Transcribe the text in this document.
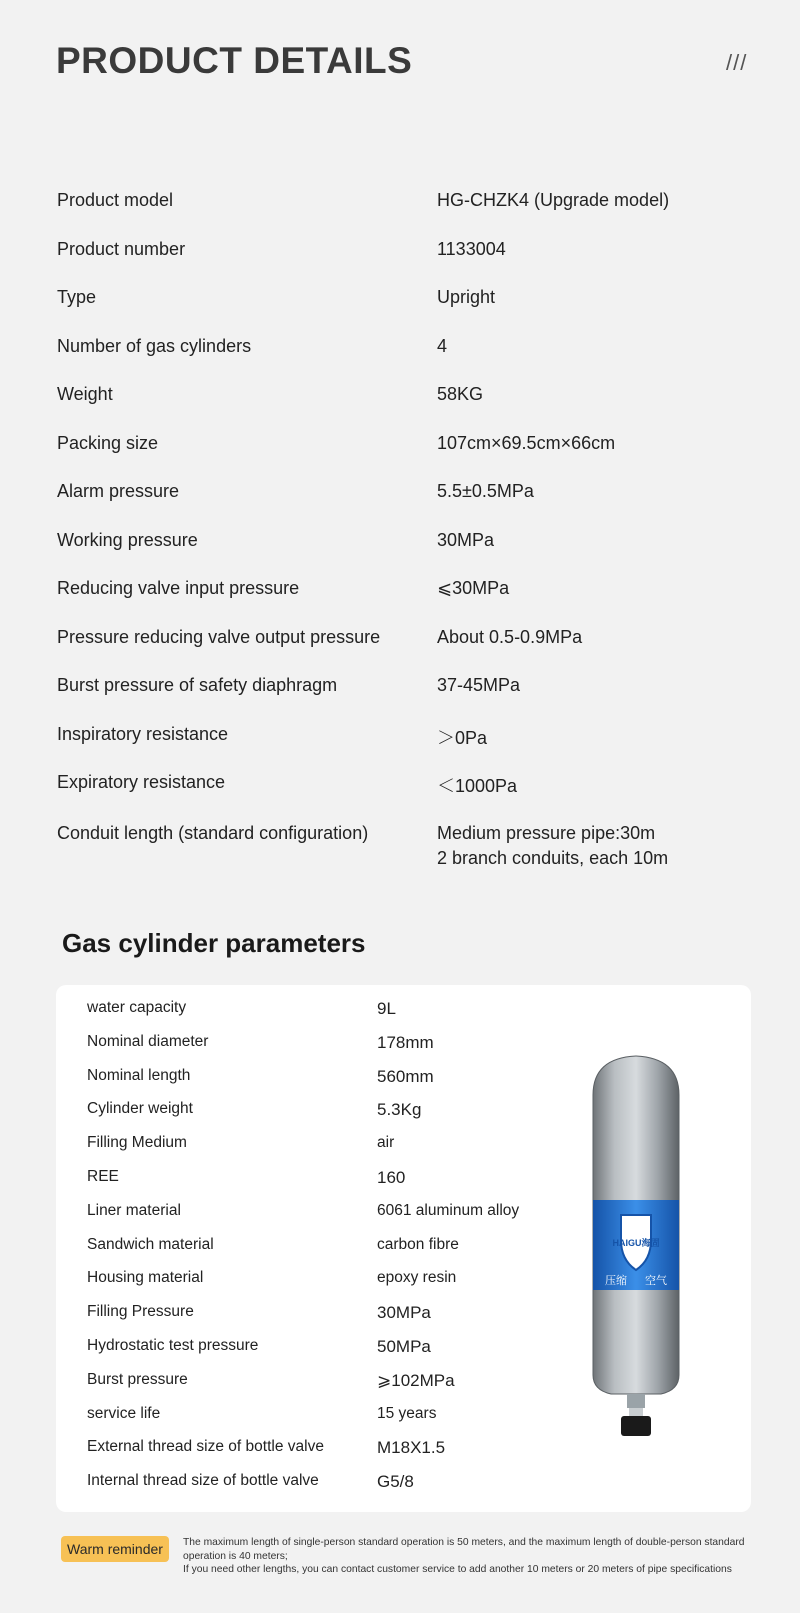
PRODUCT DETAILS	///
Product model	HG-CHZK4 (Upgrade model)
Product number	1133004
Type	Upright
Number of gas cylinders	4
Weight	58KG
Packing size	107cm×69.5cm×66cm
Alarm pressure	5.5±0.5MPa
Working pressure	30MPa
Reducing valve input pressure	⩽30MPa
Pressure reducing valve output pressure	About 0.5-0.9MPa
Burst pressure of safety diaphragm	37-45MPa
Inspiratory resistance	＞0Pa
Expiratory resistance	＜1000Pa
Conduit length (standard configuration)	Medium pressure pipe:30m
2 branch conduits, each 10m
Gas cylinder parameters
water capacity	9L
Nominal diameter	178mm
Nominal length	560mm
Cylinder weight	5.3Kg
Filling Medium	air
REE	160
Liner material	6061 aluminum alloy
Sandwich material	carbon fibre
Housing material	epoxy resin
Filling Pressure	30MPa
Hydrostatic test pressure	50MPa
Burst pressure	⩾102MPa
service life	15 years
External thread size of bottle valve	M18X1.5
Internal thread size of bottle valve	G5/8
HAIGU海固
压缩 空气
Warm reminder	The maximum length of single-person standard operation is 50 meters, and the maximum length of double-person standard operation is 40 meters;
If you need other lengths, you can contact customer service to add another 10 meters or 20 meters of pipe specifications
